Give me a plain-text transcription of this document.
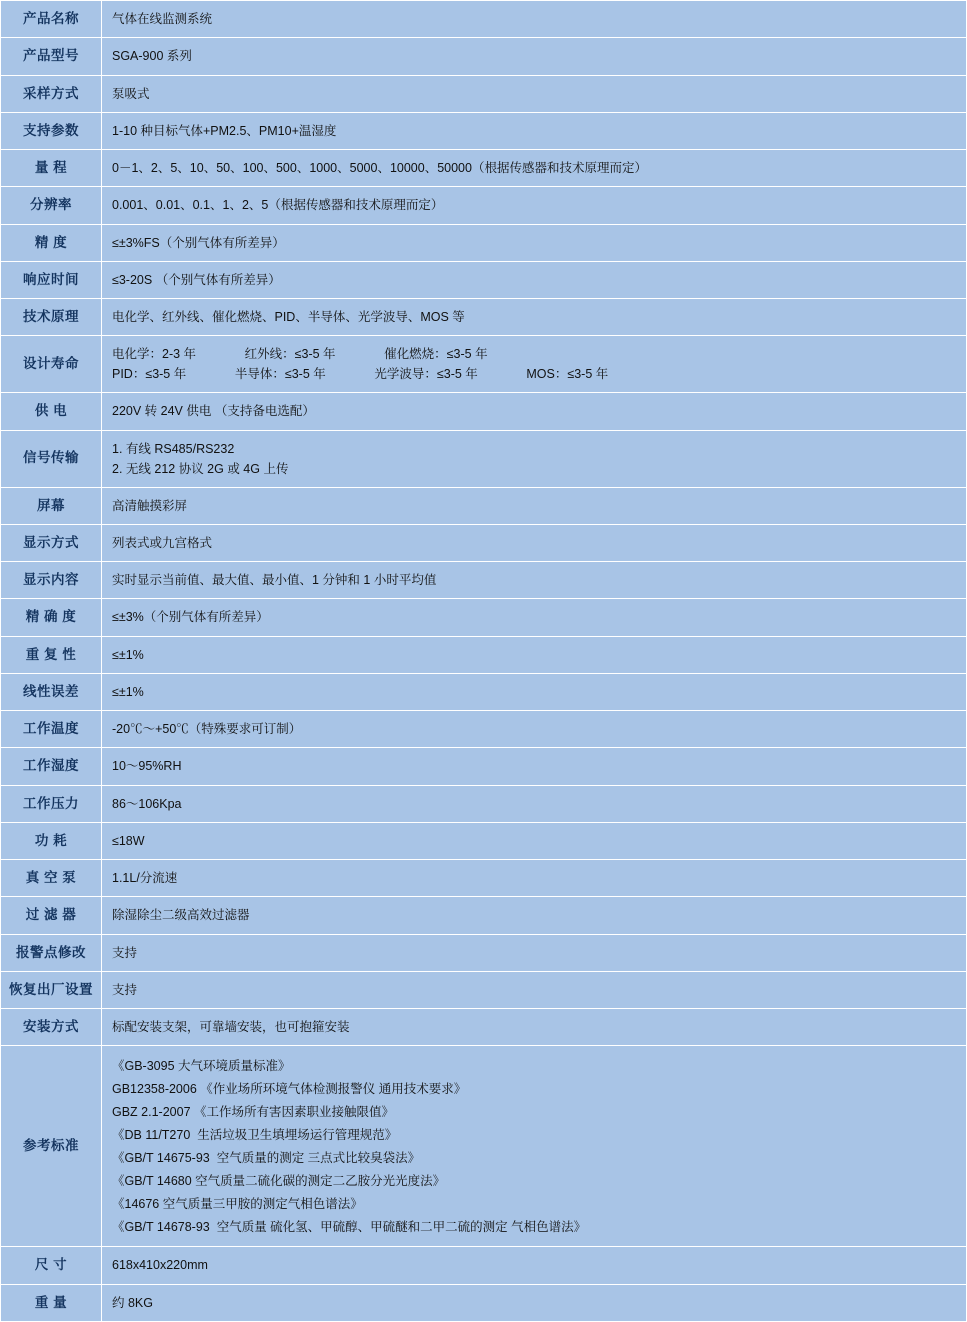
产品名称	气体在线监测系统

产品型号	SGA-900 系列

采样方式	泵吸式

支持参数	1-10 种目标气体+PM2.5、PM10+温湿度

量 程	0－1、2、5、10、50、100、500、1000、5000、10000、50000（根据传感器和技术原理而定）

分辨率	0.001、0.01、0.1、1、2、5（根据传感器和技术原理而定）

精 度	≤±3%FS（个别气体有所差异）

响应时间	≤3-20S （个别气体有所差异）

技术原理	电化学、红外线、催化燃烧、PID、半导体、光学波导、MOS 等

设计寿命	电化学：2-3 年              红外线：≤3-5 年              催化燃烧：≤3-5 年
PID：≤3-5 年              半导体：≤3-5 年              光学波导：≤3-5 年              MOS：≤3-5 年

供 电	220V 转 24V 供电 （支持备电选配）

信号传输	1. 有线 RS485/RS232
2. 无线 212 协议 2G 或 4G 上传

屏幕	高清触摸彩屏

显示方式	列表式或九宫格式

显示内容	实时显示当前值、最大值、最小值、1 分钟和 1 小时平均值

精 确 度	≤±3%（个别气体有所差异）

重 复 性	≤±1%

线性误差	≤±1%

工作温度	-20℃～+50℃（特殊要求可订制）

工作湿度	10～95%RH

工作压力	86～106Kpa

功 耗	≤18W

真 空 泵	1.1L/分流速

过 滤 器	除湿除尘二级高效过滤器

报警点修改	支持

恢复出厂设置	支持

安装方式	标配安装支架，可靠墙安装，也可抱箍安装

参考标准	
《GB-3095 大气环境质量标准》
GB12358-2006 《作业场所环境气体检测报警仪 通用技术要求》
GBZ 2.1-2007 《工作场所有害因素职业接触限值》
《DB 11/T270  生活垃圾卫生填埋场运行管理规范》
《GB/T 14675-93  空气质量的测定 三点式比较臭袋法》
《GB/T 14680 空气质量二硫化碳的测定二乙胺分光光度法》
《14676 空气质量三甲胺的测定气相色谱法》
《GB/T 14678-93  空气质量 硫化氢、甲硫醇、甲硫醚和二甲二硫的测定 气相色谱法》

尺 寸	618x410x220mm

重 量	约 8KG
